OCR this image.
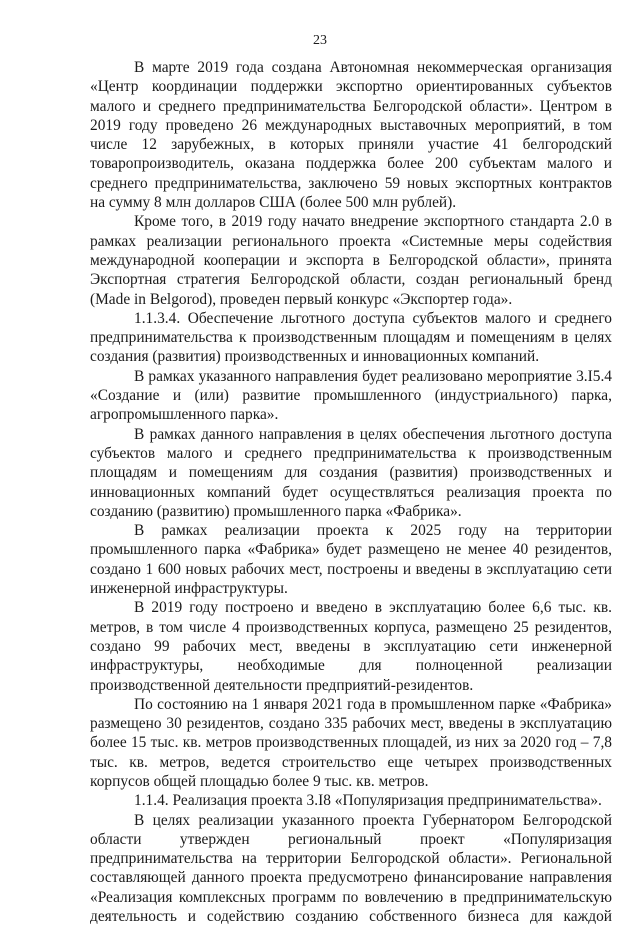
23

В марте 2019 года создана Автономная некоммерческая организация «Центр координации поддержки экспортно ориентированных субъектов малого и среднего предпринимательства Белгородской области». Центром в 2019 году проведено 26 международных выставочных мероприятий, в том числе 12 зарубежных, в которых приняли участие 41 белгородский товаропроизводитель, оказана поддержка более 200 субъектам малого и среднего предпринимательства, заключено 59 новых экспортных контрактов на сумму 8 млн долларов США (более 500 млн рублей).

Кроме того, в 2019 году начато внедрение экспортного стандарта 2.0 в рамках реализации регионального проекта «Системные меры содействия международной кооперации и экспорта в Белгородской области», принята Экспортная стратегия Белгородской области, создан региональный бренд (Made in Belgorod), проведен первый конкурс «Экспортер года».

1.1.3.4. Обеспечение льготного доступа субъектов малого и среднего предпринимательства к производственным площадям и помещениям в целях создания (развития) производственных и инновационных компаний.

В рамках указанного направления будет реализовано мероприятие 3.I5.4 «Создание и (или) развитие промышленного (индустриального) парка, агропромышленного парка».

В рамках данного направления в целях обеспечения льготного доступа субъектов малого и среднего предпринимательства к производственным площадям и помещениям для создания (развития) производственных и инновационных компаний будет осуществляться реализация проекта по созданию (развитию) промышленного парка «Фабрика».

В рамках реализации проекта к 2025 году на территории промышленного парка «Фабрика» будет размещено не менее 40 резидентов, создано 1 600 новых рабочих мест, построены и введены в эксплуатацию сети инженерной инфраструктуры.

В 2019 году построено и введено в эксплуатацию более 6,6 тыс. кв. метров, в том числе 4 производственных корпуса, размещено 25 резидентов, создано 99 рабочих мест, введены в эксплуатацию сети инженерной инфраструктуры, необходимые для полноценной реализации производственной деятельности предприятий-резидентов.

По состоянию на 1 января 2021 года в промышленном парке «Фабрика» размещено 30 резидентов, создано 335 рабочих мест, введены в эксплуатацию более 15 тыс. кв. метров производственных площадей, из них за 2020 год – 7,8 тыс. кв. метров, ведется строительство еще четырех производственных корпусов общей площадью более 9 тыс. кв. метров.

1.1.4. Реализация проекта 3.I8 «Популяризация предпринимательства».

В целях реализации указанного проекта Губернатором Белгородской области утвержден региональный проект «Популяризация предпринимательства на территории Белгородской области». Региональной составляющей данного проекта предусмотрено финансирование направления «Реализация комплексных программ по вовлечению в предпринимательскую деятельность и содействию созданию собственного бизнеса для каждой
